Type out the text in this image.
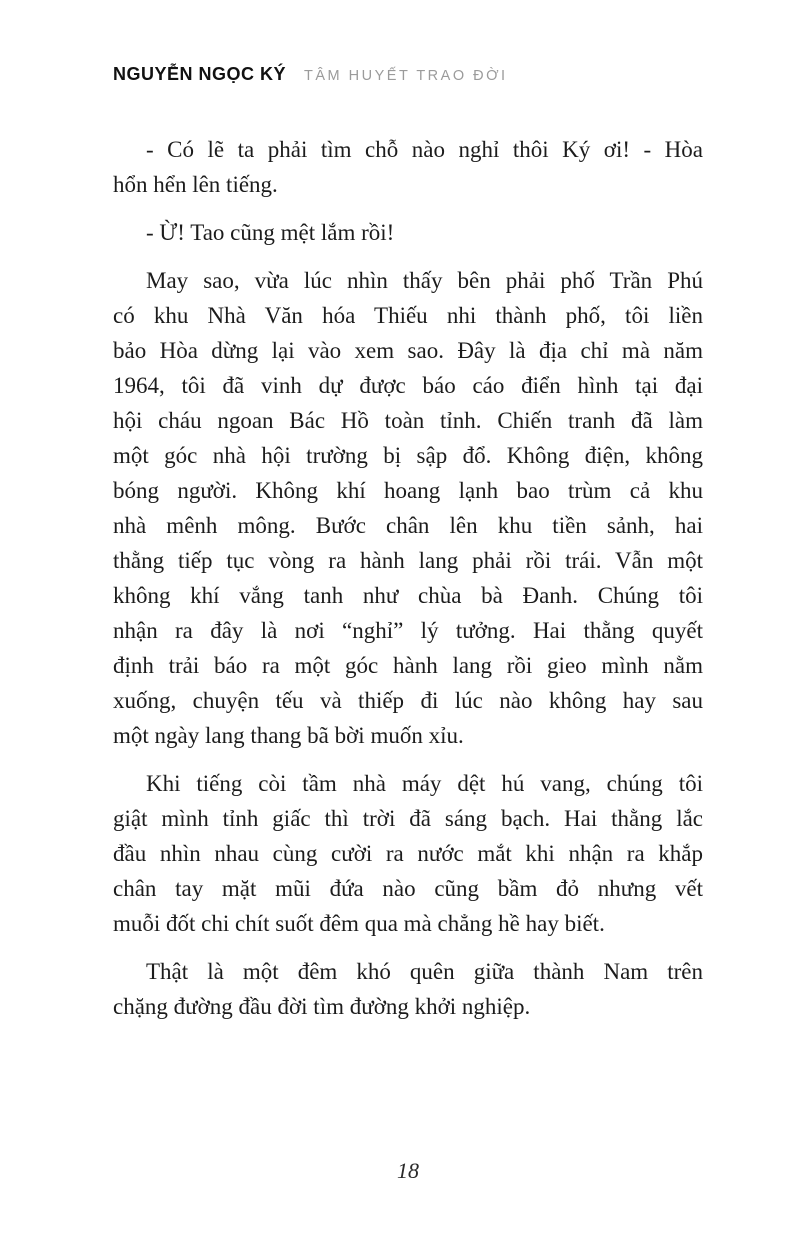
NGUYỄN NGỌC KÝ TÂM HUYẾT TRAO ĐỜI
- Có lẽ ta phải tìm chỗ nào nghỉ thôi Ký ơi! - Hòa
hổn hển lên tiếng.
- Ừ! Tao cũng mệt lắm rồi!
May sao, vừa lúc nhìn thấy bên phải phố Trần Phú
có khu Nhà Văn hóa Thiếu nhi thành phố, tôi liền
bảo Hòa dừng lại vào xem sao. Đây là địa chỉ mà năm
1964, tôi đã vinh dự được báo cáo điển hình tại đại
hội cháu ngoan Bác Hồ toàn tỉnh. Chiến tranh đã làm
một góc nhà hội trường bị sập đổ. Không điện, không
bóng người. Không khí hoang lạnh bao trùm cả khu
nhà mênh mông. Bước chân lên khu tiền sảnh, hai
thằng tiếp tục vòng ra hành lang phải rồi trái. Vẫn một
không khí vắng tanh như chùa bà Đanh. Chúng tôi
nhận ra đây là nơi “nghỉ” lý tưởng. Hai thằng quyết
định trải báo ra một góc hành lang rồi gieo mình nằm
xuống, chuyện tếu và thiếp đi lúc nào không hay sau
một ngày lang thang bã bời muốn xỉu.
Khi tiếng còi tầm nhà máy dệt hú vang, chúng tôi
giật mình tỉnh giấc thì trời đã sáng bạch. Hai thằng lắc
đầu nhìn nhau cùng cười ra nước mắt khi nhận ra khắp
chân tay mặt mũi đứa nào cũng bầm đỏ nhưng vết
muỗi đốt chi chít suốt đêm qua mà chẳng hề hay biết.
Thật là một đêm khó quên giữa thành Nam trên
chặng đường đầu đời tìm đường khởi nghiệp.
18
